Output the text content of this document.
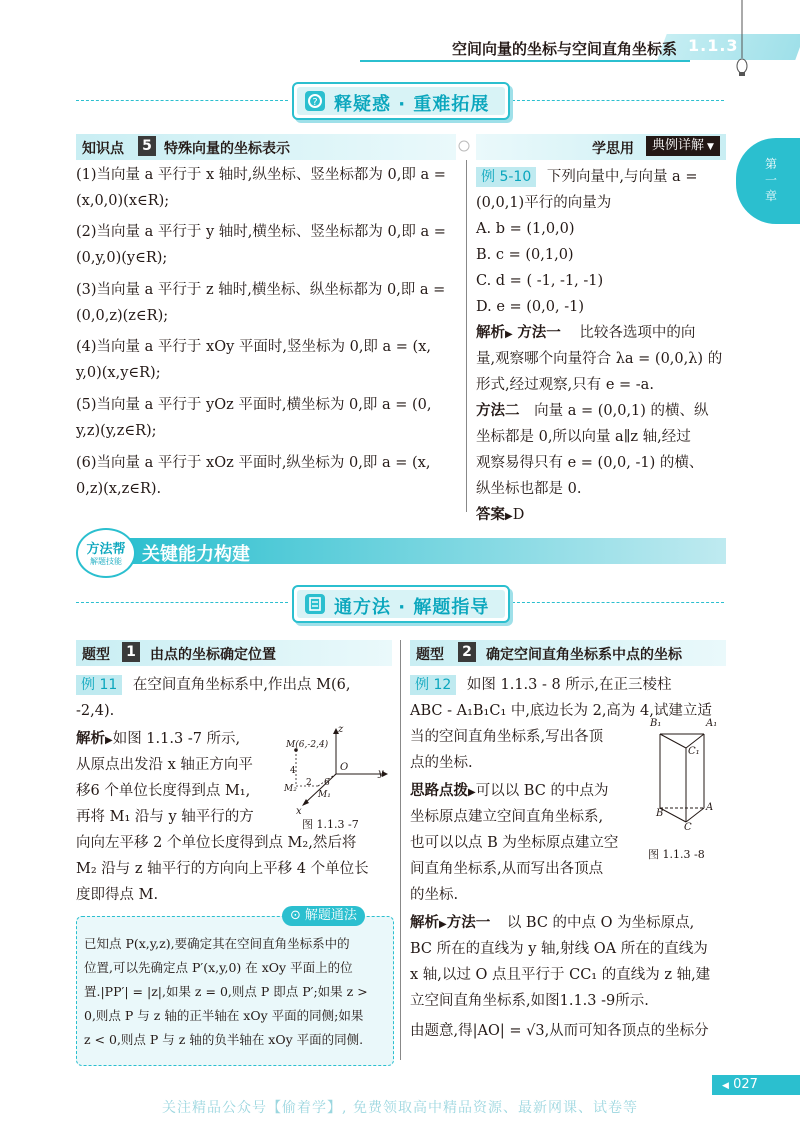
空间向量的坐标与空间直角坐标系 1.1.3
第一章
? 释疑惑 · 重难拓展
知识点 5 特殊向量的坐标表示
(1)当向量 a 平行于 x 轴时,纵坐标、竖坐标都为 0,即 a =
(x,0,0)(x∈R);
(2)当向量 a 平行于 y 轴时,横坐标、竖坐标都为 0,即 a =
(0,y,0)(y∈R);
(3)当向量 a 平行于 z 轴时,横坐标、纵坐标都为 0,即 a =
(0,0,z)(z∈R);
(4)当向量 a 平行于 xOy 平面时,竖坐标为 0,即 a = (x,
y,0)(x,y∈R);
(5)当向量 a 平行于 yOz 平面时,横坐标为 0,即 a = (0,
y,z)(y,z∈R);
(6)当向量 a 平行于 xOz 平面时,纵坐标为 0,即 a = (x,
0,z)(x,z∈R).
学思用	典例详解 ▼
例 5-10 下列向量中,与向量 a =
(0,0,1)平行的向量为
A. b = (1,0,0)
B. c = (0,1,0)
C. d = ( -1, -1, -1)
D. e = (0,0, -1)
解析▶ 方法一 比较各选项中的向
量,观察哪个向量符合 λa = (0,0,λ) 的
形式,经过观察,只有 e = -a.
方法二 向量 a = (0,0,1) 的横、纵
坐标都是 0,所以向量 a∥z 轴,经过
观察易得只有 e = (0,0, -1) 的横、
纵坐标也都是 0.
答案▶D
方法帮
解题技能	关键能力构建
通方法 · 解题指导
题型 1 由点的坐标确定位置
例 11 在空间直角坐标系中,作出点 M(6,
-2,4).
解析▶如图 1.1.3 -7 所示,
从原点出发沿 x 轴正方向平
移6 个单位长度得到点 M₁,
再将 M₁ 沿与 y 轴平行的方
向向左平移 2 个单位长度得到点 M₂,然后将
M₂ 沿与 z 轴平行的方向向上平移 4 个单位长
度即得点 M.
z
y
x
O
4
2 6
M₁
M₂
M(6,-2,4)
图 1.1.3 -7
⊙ 解题通法
已知点 P(x,y,z),要确定其在空间直角坐标系中的
位置,可以先确定点 P′(x,y,0) 在 xOy 平面上的位
置.|PP′| = |z|,如果 z = 0,则点 P 即点 P′;如果 z >
0,则点 P 与 z 轴的正半轴在 xOy 平面的同侧;如果
z < 0,则点 P 与 z 轴的负半轴在 xOy 平面的同侧.
题型 2 确定空间直角坐标系中点的坐标
例 12 如图 1.1.3 - 8 所示,在正三棱柱
ABC - A₁B₁C₁ 中,底边长为 2,高为 4,试建立适
当的空间直角坐标系,写出各顶
点的坐标.
思路点拨▶可以以 BC 的中点为
坐标原点建立空间直角坐标系,
也可以以点 B 为坐标原点建立空
间直角坐标系,从而写出各顶点
的坐标.
B₁	A₁
C₁
B
A
C
图 1.1.3 -8
解析▶方法一 以 BC 的中点 O 为坐标原点,
BC 所在的直线为 y 轴,射线 OA 所在的直线为
x 轴,以过 O 点且平行于 CC₁ 的直线为 z 轴,建
立空间直角坐标系,如图1.1.3 -9所示.
由题意,得|AO| = √3,从而可知各顶点的坐标分
◀ 027
关注精品公众号【偷着学】, 免费领取高中精品资源、最新网课、试卷等
